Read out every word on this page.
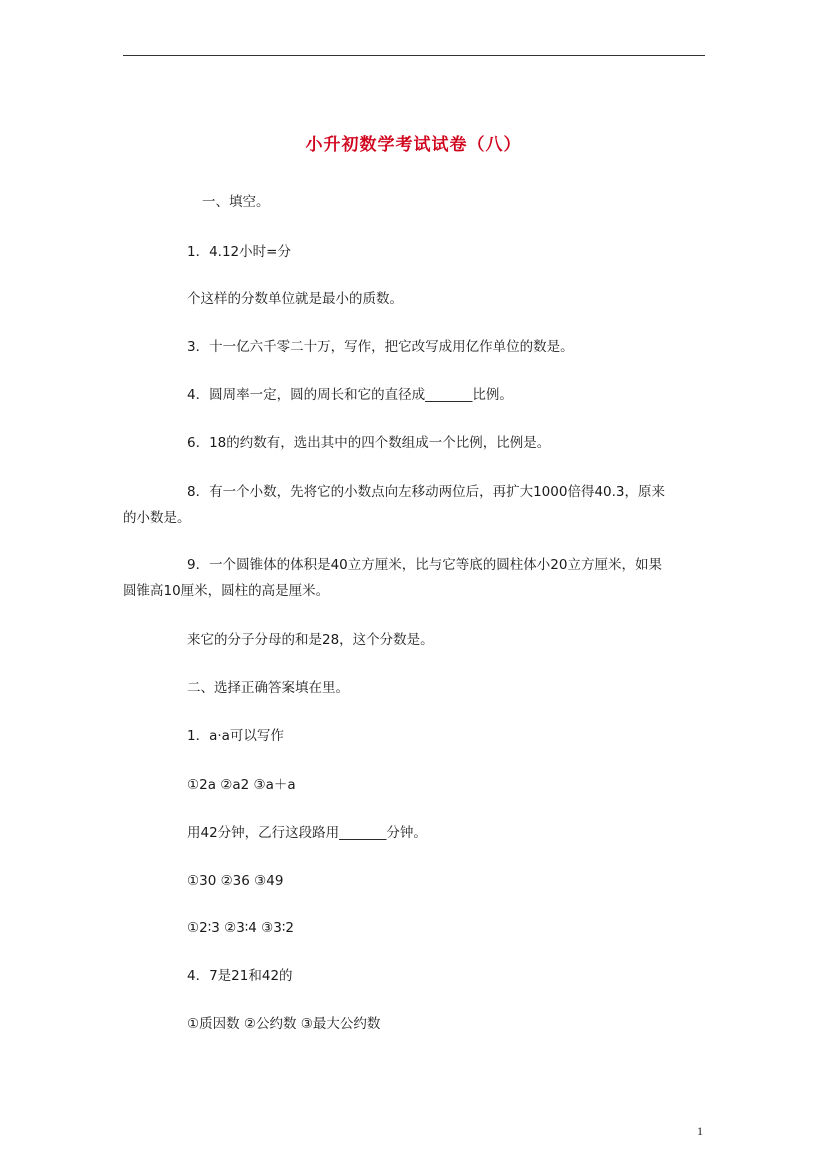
小升初数学考试试卷（八）
一、填空。
1．4.12小时=分
个这样的分数单位就是最小的质数。
3．十一亿六千零二十万，写作，把它改写成用亿作单位的数是。
4．圆周率一定，圆的周长和它的直径成_______比例。
6．18的约数有，选出其中的四个数组成一个比例，比例是。
8．有一个小数，先将它的小数点向左移动两位后，再扩大1000倍得40.3，原来
的小数是。
9．一个圆锥体的体积是40立方厘米，比与它等底的圆柱体小20立方厘米，如果
圆锥高10厘米，圆柱的高是厘米。
来它的分子分母的和是28，这个分数是。
二、选择正确答案填在里。
1．a·a可以写作
①2a ②a2 ③a＋a
用42分钟，乙行这段路用_______分钟。
①30 ②36 ③49
①2∶3 ②3∶4 ③3∶2
4．7是21和42的
①质因数 ②公约数 ③最大公约数
1
